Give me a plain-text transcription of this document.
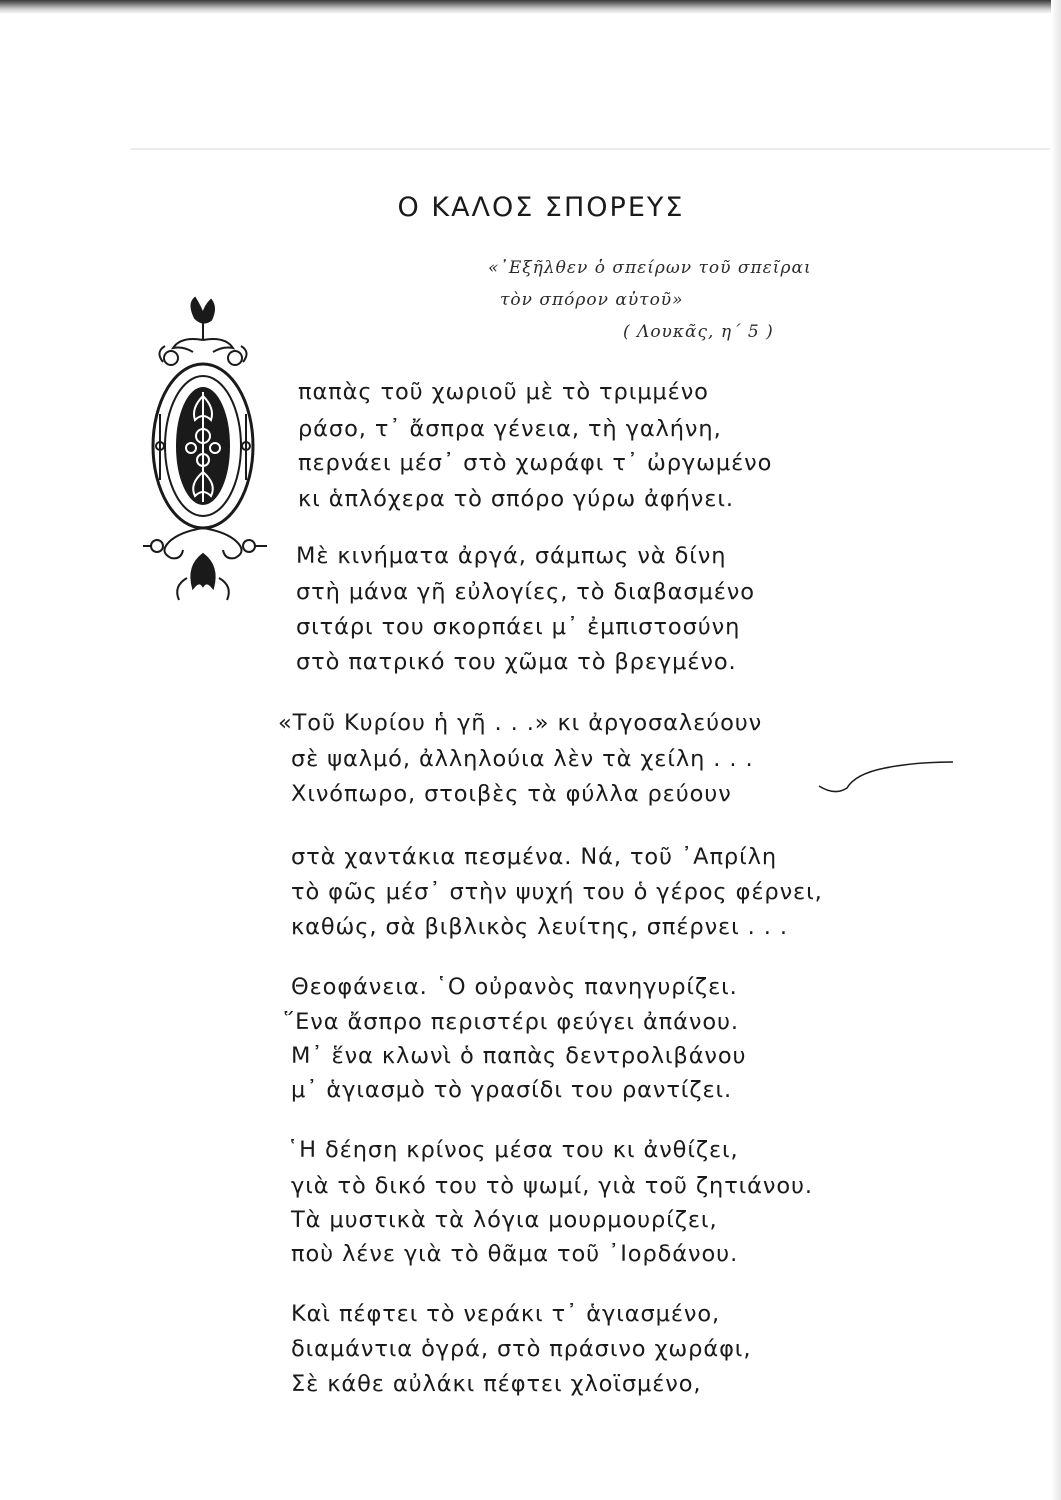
Ο ΚΑΛΟΣ ΣΠΟΡΕΥΣ
«᾿Εξῆλθεν ὁ σπείρων τοῦ σπεῖραι
τὸν σπόρον αὐτοῦ»
( Λουκᾶς, η΄ 5 )
παπὰς τοῦ χωριοῦ μὲ τὸ τριμμένο
ράσο, τ᾿ ἄσπρα γένεια, τὴ γαλήνη,
περνάει μέσ᾿ στὸ χωράφι τ᾿ ὠργωμένο
κι ἁπλόχερα τὸ σπόρο γύρω ἀφήνει.
Μὲ κινήματα ἀργά, σάμπως νὰ δίνη
στὴ μάνα γῆ εὐλογίες, τὸ διαβασμένο
σιτάρι του σκορπάει μ᾿ ἐμπιστοσύνη
στὸ πατρικό του χῶμα τὸ βρεγμένο.
«Τοῦ Κυρίου ἡ γῆ . . .» κι ἀργοσαλεύουν
σὲ ψαλμό, ἀλληλούια λὲν τὰ χείλη . . .
Χινόπωρο, στοιβὲς τὰ φύλλα ρεύουν
στὰ χαντάκια πεσμένα. Νά, τοῦ ᾿Απρίλη
τὸ φῶς μέσ᾿ στὴν ψυχή του ὁ γέρος φέρνει,
καθώς, σὰ βιβλικὸς λευίτης, σπέρνει . . .
Θεοφάνεια. ῾Ο οὐρανὸς πανηγυρίζει.
῞Ενα ἄσπρο περιστέρι φεύγει ἀπάνου.
Μ᾿ ἕνα κλωνὶ ὁ παπὰς δεντρολιβάνου
μ᾿ ἁγιασμὸ τὸ γρασίδι του ραντίζει.
῾Η δέηση κρίνος μέσα του κι ἀνθίζει,
γιὰ τὸ δικό του τὸ ψωμί, γιὰ τοῦ ζητιάνου.
Τὰ μυστικὰ τὰ λόγια μουρμουρίζει,
ποὺ λένε γιὰ τὸ θᾶμα τοῦ ᾿Ιορδάνου.
Καὶ πέφτει τὸ νεράκι τ᾿ ἁγιασμένο,
διαμάντια ὁγρά, στὸ πράσινο χωράφι,
Σὲ κάθε αὐλάκι πέφτει χλοϊσμένο,
